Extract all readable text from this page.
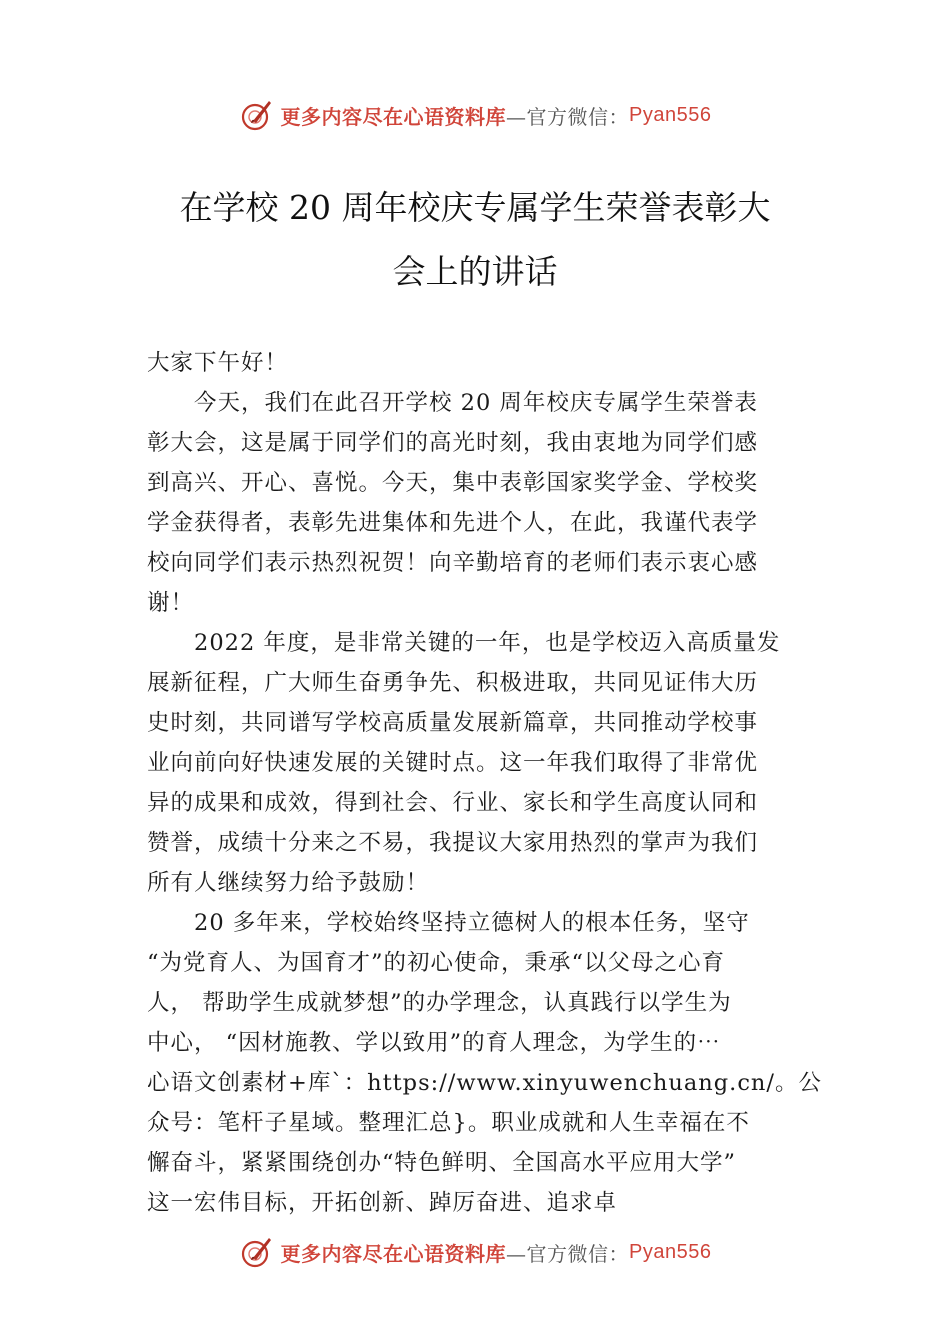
更多内容尽在心语资料库 —官方微信： Pyan556
在学校 20 周年校庆专属学生荣誉表彰大
会上的讲话
大家下午好！
今天，我们在此召开学校 20 周年校庆专属学生荣誉表
彰大会，这是属于同学们的高光时刻，我由衷地为同学们感
到高兴、开心、喜悦。今天，集中表彰国家奖学金、学校奖
学金获得者，表彰先进集体和先进个人，在此，我谨代表学
校向同学们表示热烈祝贺！向辛勤培育的老师们表示衷心感
谢！
2022 年度，是非常关键的一年，也是学校迈入高质量发
展新征程，广大师生奋勇争先、积极进取，共同见证伟大历
史时刻，共同谱写学校高质量发展新篇章，共同推动学校事
业向前向好快速发展的关键时点。这一年我们取得了非常优
异的成果和成效，得到社会、行业、家长和学生高度认同和
赞誉，成绩十分来之不易，我提议大家用热烈的掌声为我们
所有人继续努力给予鼓励！
20 多年来，学校始终坚持立德树人的根本任务，坚守
“为党育人、为国育才”的初心使命，秉承“以父母之心育
人， 帮助学生成就梦想”的办学理念，认真践行以学生为
中心， “因材施教、学以致用”的育人理念，为学生的⋯
心语文创素材+库`：https://www.xinyuwenchuang.cn/。公
众号：笔杆子星域。整理汇总}。职业成就和人生幸福在不
懈奋斗，紧紧围绕创办“特色鲜明、全国高水平应用大学”
这一宏伟目标，开拓创新、踔厉奋进、追求卓
更多内容尽在心语资料库 —官方微信： Pyan556
